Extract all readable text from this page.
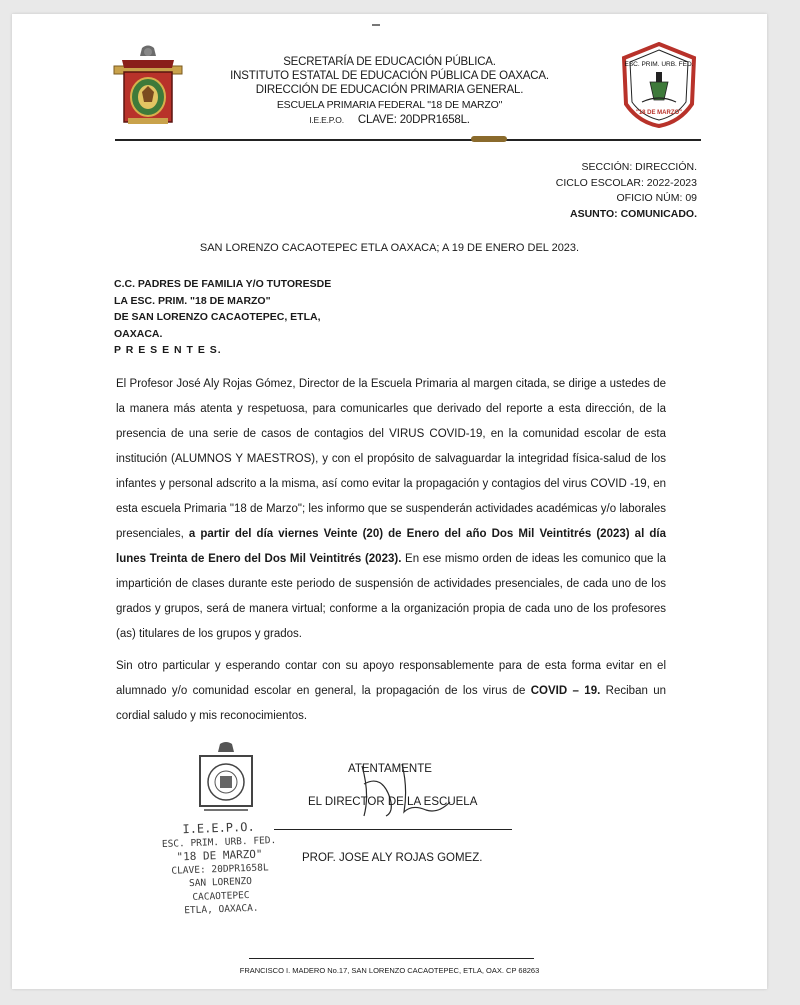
ESC. PRIM. URB. FED.
"18 DE MARZO"
SECRETARÍA DE EDUCACIÓN PÚBLICA.
INSTITUTO ESTATAL DE EDUCACIÓN PÚBLICA DE OAXACA.
DIRECCIÓN DE EDUCACIÓN PRIMARIA GENERAL.
ESCUELA PRIMARIA FEDERAL "18 DE MARZO"
I.E.E.P.O. CLAVE: 20DPR1658L.
SECCIÓN: DIRECCIÓN.
CICLO ESCOLAR: 2022-2023
OFICIO NÚM: 09
ASUNTO: COMUNICADO.
SAN LORENZO CACAOTEPEC ETLA OAXACA; A 19 DE ENERO DEL 2023.
C.C. PADRES DE FAMILIA Y/O TUTORESDE
LA ESC. PRIM. "18 DE MARZO"
DE SAN LORENZO CACAOTEPEC, ETLA,
OAXACA.
P R E S E N T E S.
El Profesor José Aly Rojas Gómez, Director de la Escuela Primaria al margen citada, se dirige a ustedes de la manera más atenta y respetuosa, para comunicarles que derivado del reporte a esta dirección, de la presencia de una serie de casos de contagios del VIRUS COVID-19, en la comunidad escolar de esta institución (ALUMNOS Y MAESTROS), y con el propósito de salvaguardar la integridad física-salud de los infantes y personal adscrito a la misma, así como evitar la propagación y contagios del virus COVID -19, en esta escuela Primaria "18 de Marzo"; les informo que se suspenderán actividades académicas y/o laborales presenciales, a partir del día viernes Veinte (20) de Enero del año Dos Mil Veintitrés (2023) al día lunes Treinta de Enero del Dos Mil Veintitrés (2023). En ese mismo orden de ideas les comunico que la impartición de clases durante este periodo de suspensión de actividades presenciales, de cada uno de los grados y grupos, será de manera virtual; conforme a la organización propia de cada uno de los profesores (as) titulares de los grupos y grados.
Sin otro particular y esperando contar con su apoyo responsablemente para de esta forma evitar en el alumnado y/o comunidad escolar en general, la propagación de los virus de COVID – 19. Reciban un cordial saludo y mis reconocimientos.
I.E.E.P.O.
ESC. PRIM. URB. FED.
"18 DE MARZO"
CLAVE: 20DPR1658L
SAN LORENZO CACAOTEPEC
ETLA, OAXACA.
ATENTAMENTE
EL DIRECTOR DE LA ESCUELA
PROF. JOSE ALY ROJAS GOMEZ.
FRANCISCO I. MADERO No.17, SAN LORENZO CACAOTEPEC, ETLA, OAX. CP 68263
